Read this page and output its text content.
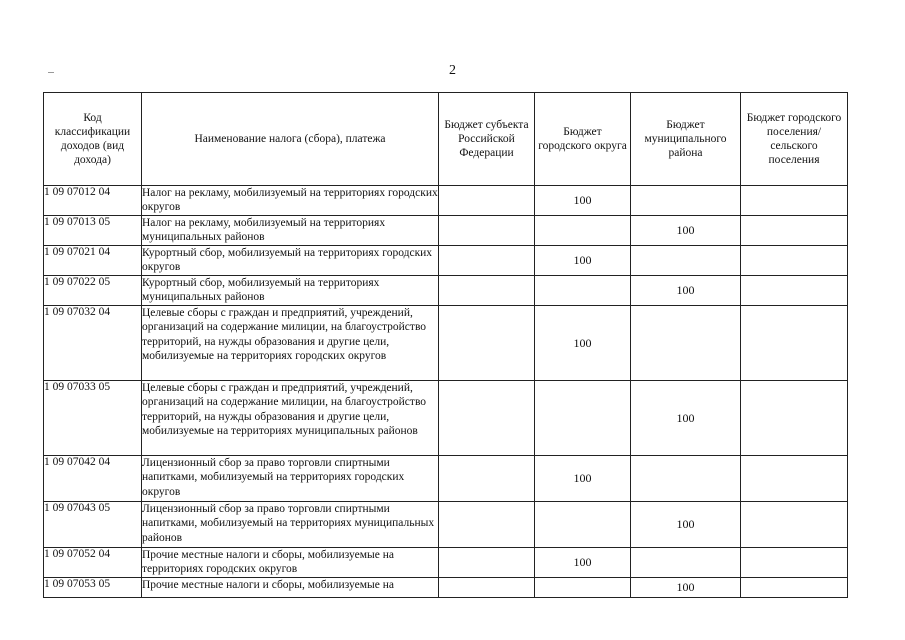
2
Код классификации доходов (вид дохода)	Наименование налога (сбора), платежа	Бюджет субъекта Российской Федерации	Бюджет городского округа	Бюджет муниципального района	Бюджет городского поселения/ сельского поселения
1 09 07012 04	Налог на рекламу, мобилизуемый на территориях городских округов		100		
1 09 07013 05	Налог на рекламу, мобилизуемый на территориях муниципальных районов			100	
1 09 07021 04	Курортный сбор, мобилизуемый на территориях городских округов		100		
1 09 07022 05	Курортный сбор, мобилизуемый на территориях муниципальных районов			100	
1 09 07032 04	Целевые сборы с граждан и предприятий, учреждений, организаций на содержание милиции, на благоустройство территорий, на нужды образования и другие цели, мобилизуемые на территориях городских округов		100		
1 09 07033 05	Целевые сборы с граждан и предприятий, учреждений, организаций на содержание милиции, на благоустройство территорий, на нужды образования и другие цели, мобилизуемые на территориях муниципальных районов			100	
1 09 07042 04	Лицензионный сбор за право торговли спиртными напитками, мобилизуемый на территориях городских округов		100		
1 09 07043 05	Лицензионный сбор за право торговли спиртными напитками, мобилизуемый на территориях муниципальных районов			100	
1 09 07052 04	Прочие местные налоги и сборы, мобилизуемые на территориях городских округов		100		
1 09 07053 05	Прочие местные налоги и сборы, мобилизуемые на			100	
